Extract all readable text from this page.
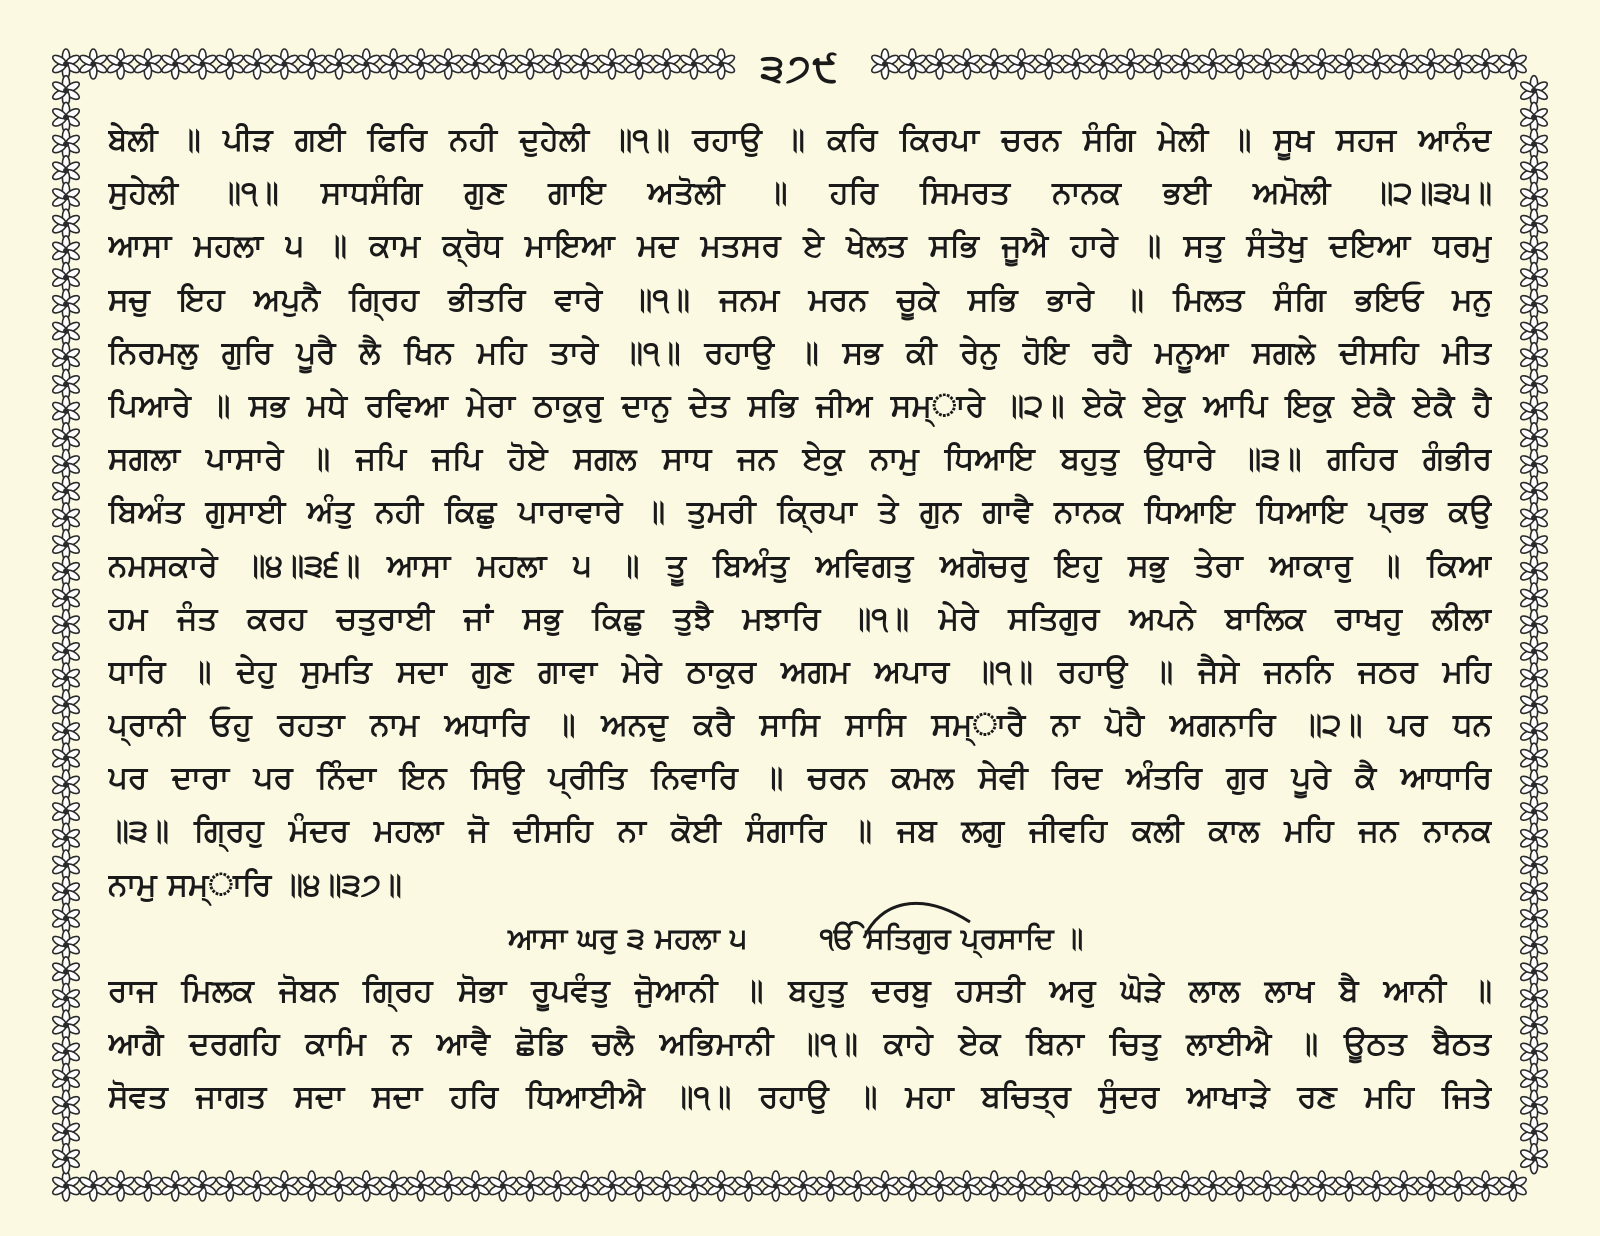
੩੭੯
ਬੇਲੀ ॥ ਪੀੜ ਗਈ ਫਿਰਿ ਨਹੀ ਦੁਹੇਲੀ ॥੧॥ ਰਹਾਉ ॥ ਕਰਿ ਕਿਰਪਾ ਚਰਨ ਸੰਗਿ ਮੇਲੀ ॥ ਸੂਖ ਸਹਜ ਆਨੰਦ
ਸੁਹੇਲੀ ॥੧॥ ਸਾਧਸੰਗਿ ਗੁਣ ਗਾਇ ਅਤੋਲੀ ॥ ਹਰਿ ਸਿਮਰਤ ਨਾਨਕ ਭਈ ਅਮੋਲੀ ॥੨॥੩੫॥
ਆਸਾ ਮਹਲਾ ੫ ॥ ਕਾਮ ਕ੍ਰੋਧ ਮਾਇਆ ਮਦ ਮਤਸਰ ਏ ਖੇਲਤ ਸਭਿ ਜੂਐ ਹਾਰੇ ॥ ਸਤੁ ਸੰਤੋਖੁ ਦਇਆ ਧਰਮੁ
ਸਚੁ ਇਹ ਅਪੁਨੈ ਗ੍ਰਿਹ ਭੀਤਰਿ ਵਾਰੇ ॥੧॥ ਜਨਮ ਮਰਨ ਚੂਕੇ ਸਭਿ ਭਾਰੇ ॥ ਮਿਲਤ ਸੰਗਿ ਭਇਓ ਮਨੁ
ਨਿਰਮਲੁ ਗੁਰਿ ਪੂਰੈ ਲੈ ਖਿਨ ਮਹਿ ਤਾਰੇ ॥੧॥ ਰਹਾਉ ॥ ਸਭ ਕੀ ਰੇਨੁ ਹੋਇ ਰਹੈ ਮਨੂਆ ਸਗਲੇ ਦੀਸਹਿ ਮੀਤ
ਪਿਆਰੇ ॥ ਸਭ ਮਧੇ ਰਵਿਆ ਮੇਰਾ ਠਾਕੁਰੁ ਦਾਨੁ ਦੇਤ ਸਭਿ ਜੀਅ ਸਮ੍ਾਰੇ ॥੨॥ ਏਕੋ ਏਕੁ ਆਪਿ ਇਕੁ ਏਕੈ ਏਕੈ ਹੈ
ਸਗਲਾ ਪਾਸਾਰੇ ॥ ਜਪਿ ਜਪਿ ਹੋਏ ਸਗਲ ਸਾਧ ਜਨ ਏਕੁ ਨਾਮੁ ਧਿਆਇ ਬਹੁਤੁ ਉਧਾਰੇ ॥੩॥ ਗਹਿਰ ਗੰਭੀਰ
ਬਿਅੰਤ ਗੁਸਾਈ ਅੰਤੁ ਨਹੀ ਕਿਛੁ ਪਾਰਾਵਾਰੇ ॥ ਤੁਮਰੀ ਕ੍ਰਿਪਾ ਤੇ ਗੁਨ ਗਾਵੈ ਨਾਨਕ ਧਿਆਇ ਧਿਆਇ ਪ੍ਰਭ ਕਉ
ਨਮਸਕਾਰੇ ॥੪॥੩੬॥ ਆਸਾ ਮਹਲਾ ੫ ॥ ਤੂ ਬਿਅੰਤੁ ਅਵਿਗਤੁ ਅਗੋਚਰੁ ਇਹੁ ਸਭੁ ਤੇਰਾ ਆਕਾਰੁ ॥ ਕਿਆ
ਹਮ ਜੰਤ ਕਰਹ ਚਤੁਰਾਈ ਜਾਂ ਸਭੁ ਕਿਛੁ ਤੁਝੈ ਮਝਾਰਿ ॥੧॥ ਮੇਰੇ ਸਤਿਗੁਰ ਅਪਨੇ ਬਾਲਿਕ ਰਾਖਹੁ ਲੀਲਾ
ਧਾਰਿ ॥ ਦੇਹੁ ਸੁਮਤਿ ਸਦਾ ਗੁਣ ਗਾਵਾ ਮੇਰੇ ਠਾਕੁਰ ਅਗਮ ਅਪਾਰ ॥੧॥ ਰਹਾਉ ॥ ਜੈਸੇ ਜਨਨਿ ਜਠਰ ਮਹਿ
ਪ੍ਰਾਨੀ ਓਹੁ ਰਹਤਾ ਨਾਮ ਅਧਾਰਿ ॥ ਅਨਦੁ ਕਰੈ ਸਾਸਿ ਸਾਸਿ ਸਮ੍ਾਰੈ ਨਾ ਪੋਹੈ ਅਗਨਾਰਿ ॥੨॥ ਪਰ ਧਨ
ਪਰ ਦਾਰਾ ਪਰ ਨਿੰਦਾ ਇਨ ਸਿਉ ਪ੍ਰੀਤਿ ਨਿਵਾਰਿ ॥ ਚਰਨ ਕਮਲ ਸੇਵੀ ਰਿਦ ਅੰਤਰਿ ਗੁਰ ਪੂਰੇ ਕੈ ਆਧਾਰਿ
॥੩॥ ਗ੍ਰਿਹੁ ਮੰਦਰ ਮਹਲਾ ਜੋ ਦੀਸਹਿ ਨਾ ਕੋਈ ਸੰਗਾਰਿ ॥ ਜਬ ਲਗੁ ਜੀਵਹਿ ਕਲੀ ਕਾਲ ਮਹਿ ਜਨ ਨਾਨਕ
ਨਾਮੁ ਸਮ੍ਾਰਿ ॥੪॥੩੭॥
ਆਸਾ ਘਰੁ ੩ ਮਹਲਾ ੫	ੴ ਸਤਿਗੁਰ ਪ੍ਰਸਾਦਿ ॥
ਰਾਜ ਮਿਲਕ ਜੋਬਨ ਗ੍ਰਿਹ ਸੋਭਾ ਰੂਪਵੰਤੁ ਜੋੁਆਨੀ ॥ ਬਹੁਤੁ ਦਰਬੁ ਹਸਤੀ ਅਰੁ ਘੋੜੇ ਲਾਲ ਲਾਖ ਬੈ ਆਨੀ ॥
ਆਗੈ ਦਰਗਹਿ ਕਾਮਿ ਨ ਆਵੈ ਛੋਡਿ ਚਲੈ ਅਭਿਮਾਨੀ ॥੧॥ ਕਾਹੇ ਏਕ ਬਿਨਾ ਚਿਤੁ ਲਾਈਐ ॥ ਊਠਤ ਬੈਠਤ
ਸੋਵਤ ਜਾਗਤ ਸਦਾ ਸਦਾ ਹਰਿ ਧਿਆਈਐ ॥੧॥ ਰਹਾਉ ॥ ਮਹਾ ਬਚਿਤ੍ਰ ਸੁੰਦਰ ਆਖਾੜੇ ਰਣ ਮਹਿ ਜਿਤੇ
